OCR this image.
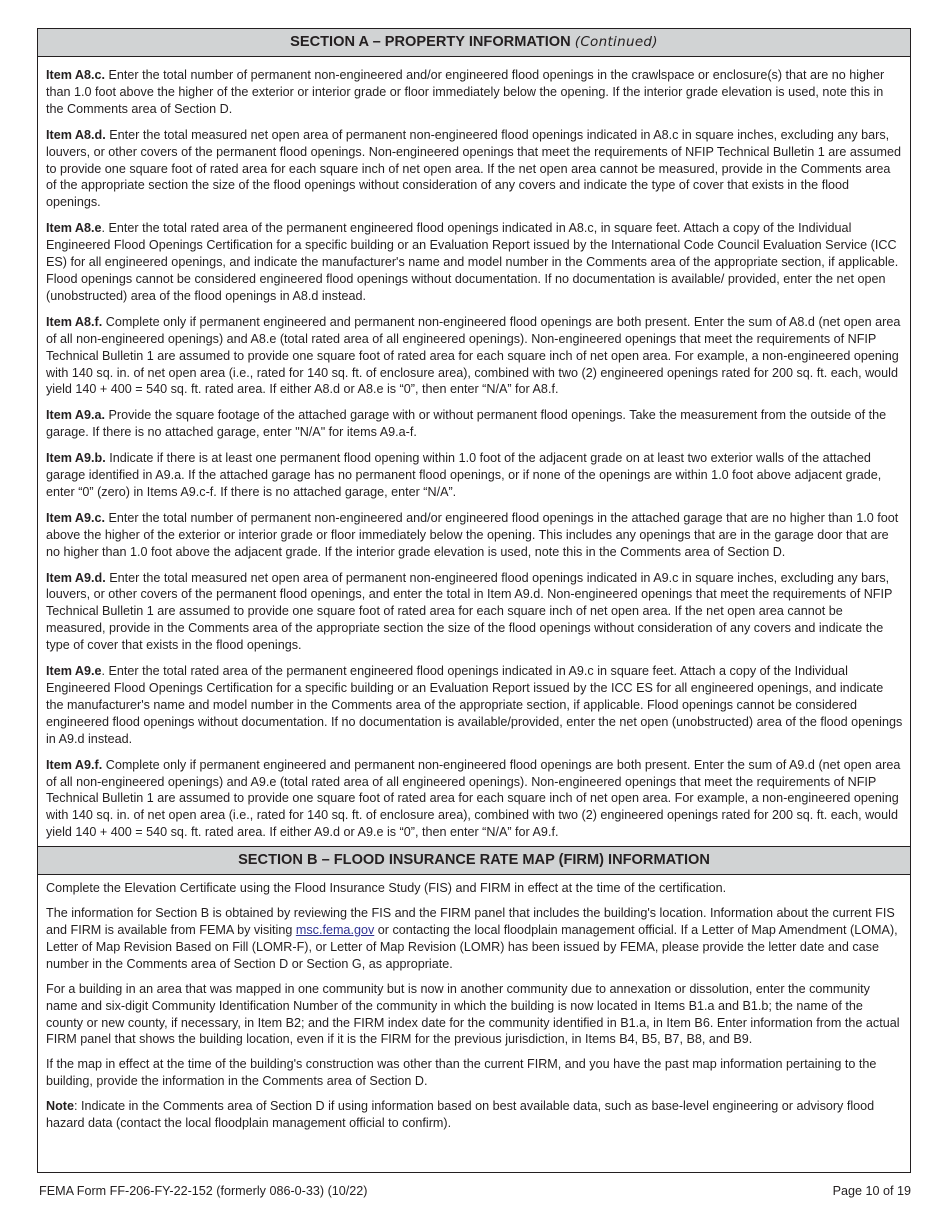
SECTION A – PROPERTY INFORMATION (Continued)

Item A8.c. Enter the total number of permanent non-engineered and/or engineered flood openings in the crawlspace or enclosure(s) that are no higher than 1.0 foot above the higher of the exterior or interior grade or floor immediately below the opening. If the interior grade elevation is used, note this in the Comments area of Section D.

Item A8.d. Enter the total measured net open area of permanent non-engineered flood openings indicated in A8.c in square inches, excluding any bars, louvers, or other covers of the permanent flood openings. Non-engineered openings that meet the requirements of NFIP Technical Bulletin 1 are assumed to provide one square foot of rated area for each square inch of net open area. If the net open area cannot be measured, provide in the Comments area of the appropriate section the size of the flood openings without consideration of any covers and indicate the type of cover that exists in the flood openings.

Item A8.e. Enter the total rated area of the permanent engineered flood openings indicated in A8.c, in square feet. Attach a copy of the Individual Engineered Flood Openings Certification for a specific building or an Evaluation Report issued by the International Code Council Evaluation Service (ICC ES) for all engineered openings, and indicate the manufacturer's name and model number in the Comments area of the appropriate section, if applicable. Flood openings cannot be considered engineered flood openings without documentation. If no documentation is available/ provided, enter the net open (unobstructed) area of the flood openings in A8.d instead.

Item A8.f. Complete only if permanent engineered and permanent non-engineered flood openings are both present. Enter the sum of A8.d (net open area of all non-engineered openings) and A8.e (total rated area of all engineered openings). Non-engineered openings that meet the requirements of NFIP Technical Bulletin 1 are assumed to provide one square foot of rated area for each square inch of net open area. For example, a non-engineered opening with 140 sq. in. of net open area (i.e., rated for 140 sq. ft. of enclosure area), combined with two (2) engineered openings rated for 200 sq. ft. each, would yield 140 + 400 = 540 sq. ft. rated area. If either A8.d or A8.e is “0”, then enter “N/A” for A8.f.

Item A9.a. Provide the square footage of the attached garage with or without permanent flood openings. Take the measurement from the outside of the garage. If there is no attached garage, enter "N/A" for items A9.a-f.

Item A9.b. Indicate if there is at least one permanent flood opening within 1.0 foot of the adjacent grade on at least two exterior walls of the attached garage identified in A9.a. If the attached garage has no permanent flood openings, or if none of the openings are within 1.0 foot above adjacent grade, enter “0” (zero) in Items A9.c-f. If there is no attached garage, enter “N/A”.

Item A9.c. Enter the total number of permanent non-engineered and/or engineered flood openings in the attached garage that are no higher than 1.0 foot above the higher of the exterior or interior grade or floor immediately below the opening. This includes any openings that are in the garage door that are no higher than 1.0 foot above the adjacent grade. If the interior grade elevation is used, note this in the Comments area of Section D.

Item A9.d. Enter the total measured net open area of permanent non-engineered flood openings indicated in A9.c in square inches, excluding any bars, louvers, or other covers of the permanent flood openings, and enter the total in Item A9.d. Non-engineered openings that meet the requirements of NFIP Technical Bulletin 1 are assumed to provide one square foot of rated area for each square inch of net open area. If the net open area cannot be measured, provide in the Comments area of the appropriate section the size of the flood openings without consideration of any covers and indicate the type of cover that exists in the flood openings.

Item A9.e. Enter the total rated area of the permanent engineered flood openings indicated in A9.c in square feet. Attach a copy of the Individual Engineered Flood Openings Certification for a specific building or an Evaluation Report issued by the ICC ES for all engineered openings, and indicate the manufacturer's name and model number in the Comments area of the appropriate section, if applicable. Flood openings cannot be considered engineered flood openings without documentation. If no documentation is available/provided, enter the net open (unobstructed) area of the flood openings in A9.d instead.

Item A9.f. Complete only if permanent engineered and permanent non-engineered flood openings are both present. Enter the sum of A9.d (net open area of all non-engineered openings) and A9.e (total rated area of all engineered openings). Non-engineered openings that meet the requirements of NFIP Technical Bulletin 1 are assumed to provide one square foot of rated area for each square inch of net open area. For example, a non-engineered opening with 140 sq. in. of net open area (i.e., rated for 140 sq. ft. of enclosure area), combined with two (2) engineered openings rated for 200 sq. ft. each, would yield 140 + 400 = 540 sq. ft. rated area. If either A9.d or A9.e is “0”, then enter “N/A” for A9.f.

SECTION B – FLOOD INSURANCE RATE MAP (FIRM) INFORMATION

Complete the Elevation Certificate using the Flood Insurance Study (FIS) and FIRM in effect at the time of the certification.

The information for Section B is obtained by reviewing the FIS and the FIRM panel that includes the building's location. Information about the current FIS and FIRM is available from FEMA by visiting msc.fema.gov or contacting the local floodplain management official. If a Letter of Map Amendment (LOMA), Letter of Map Revision Based on Fill (LOMR-F), or Letter of Map Revision (LOMR) has been issued by FEMA, please provide the letter date and case number in the Comments area of Section D or Section G, as appropriate.

For a building in an area that was mapped in one community but is now in another community due to annexation or dissolution, enter the community name and six-digit Community Identification Number of the community in which the building is now located in Items B1.a and B1.b; the name of the county or new county, if necessary, in Item B2; and the FIRM index date for the community identified in B1.a, in Item B6. Enter information from the actual FIRM panel that shows the building location, even if it is the FIRM for the previous jurisdiction, in Items B4, B5, B7, B8, and B9.

If the map in effect at the time of the building's construction was other than the current FIRM, and you have the past map information pertaining to the building, provide the information in the Comments area of Section D.

Note: Indicate in the Comments area of Section D if using information based on best available data, such as base-level engineering or advisory flood hazard data (contact the local floodplain management official to confirm).

FEMA Form FF-206-FY-22-152 (formerly 086-0-33) (10/22)	Page 10 of 19
